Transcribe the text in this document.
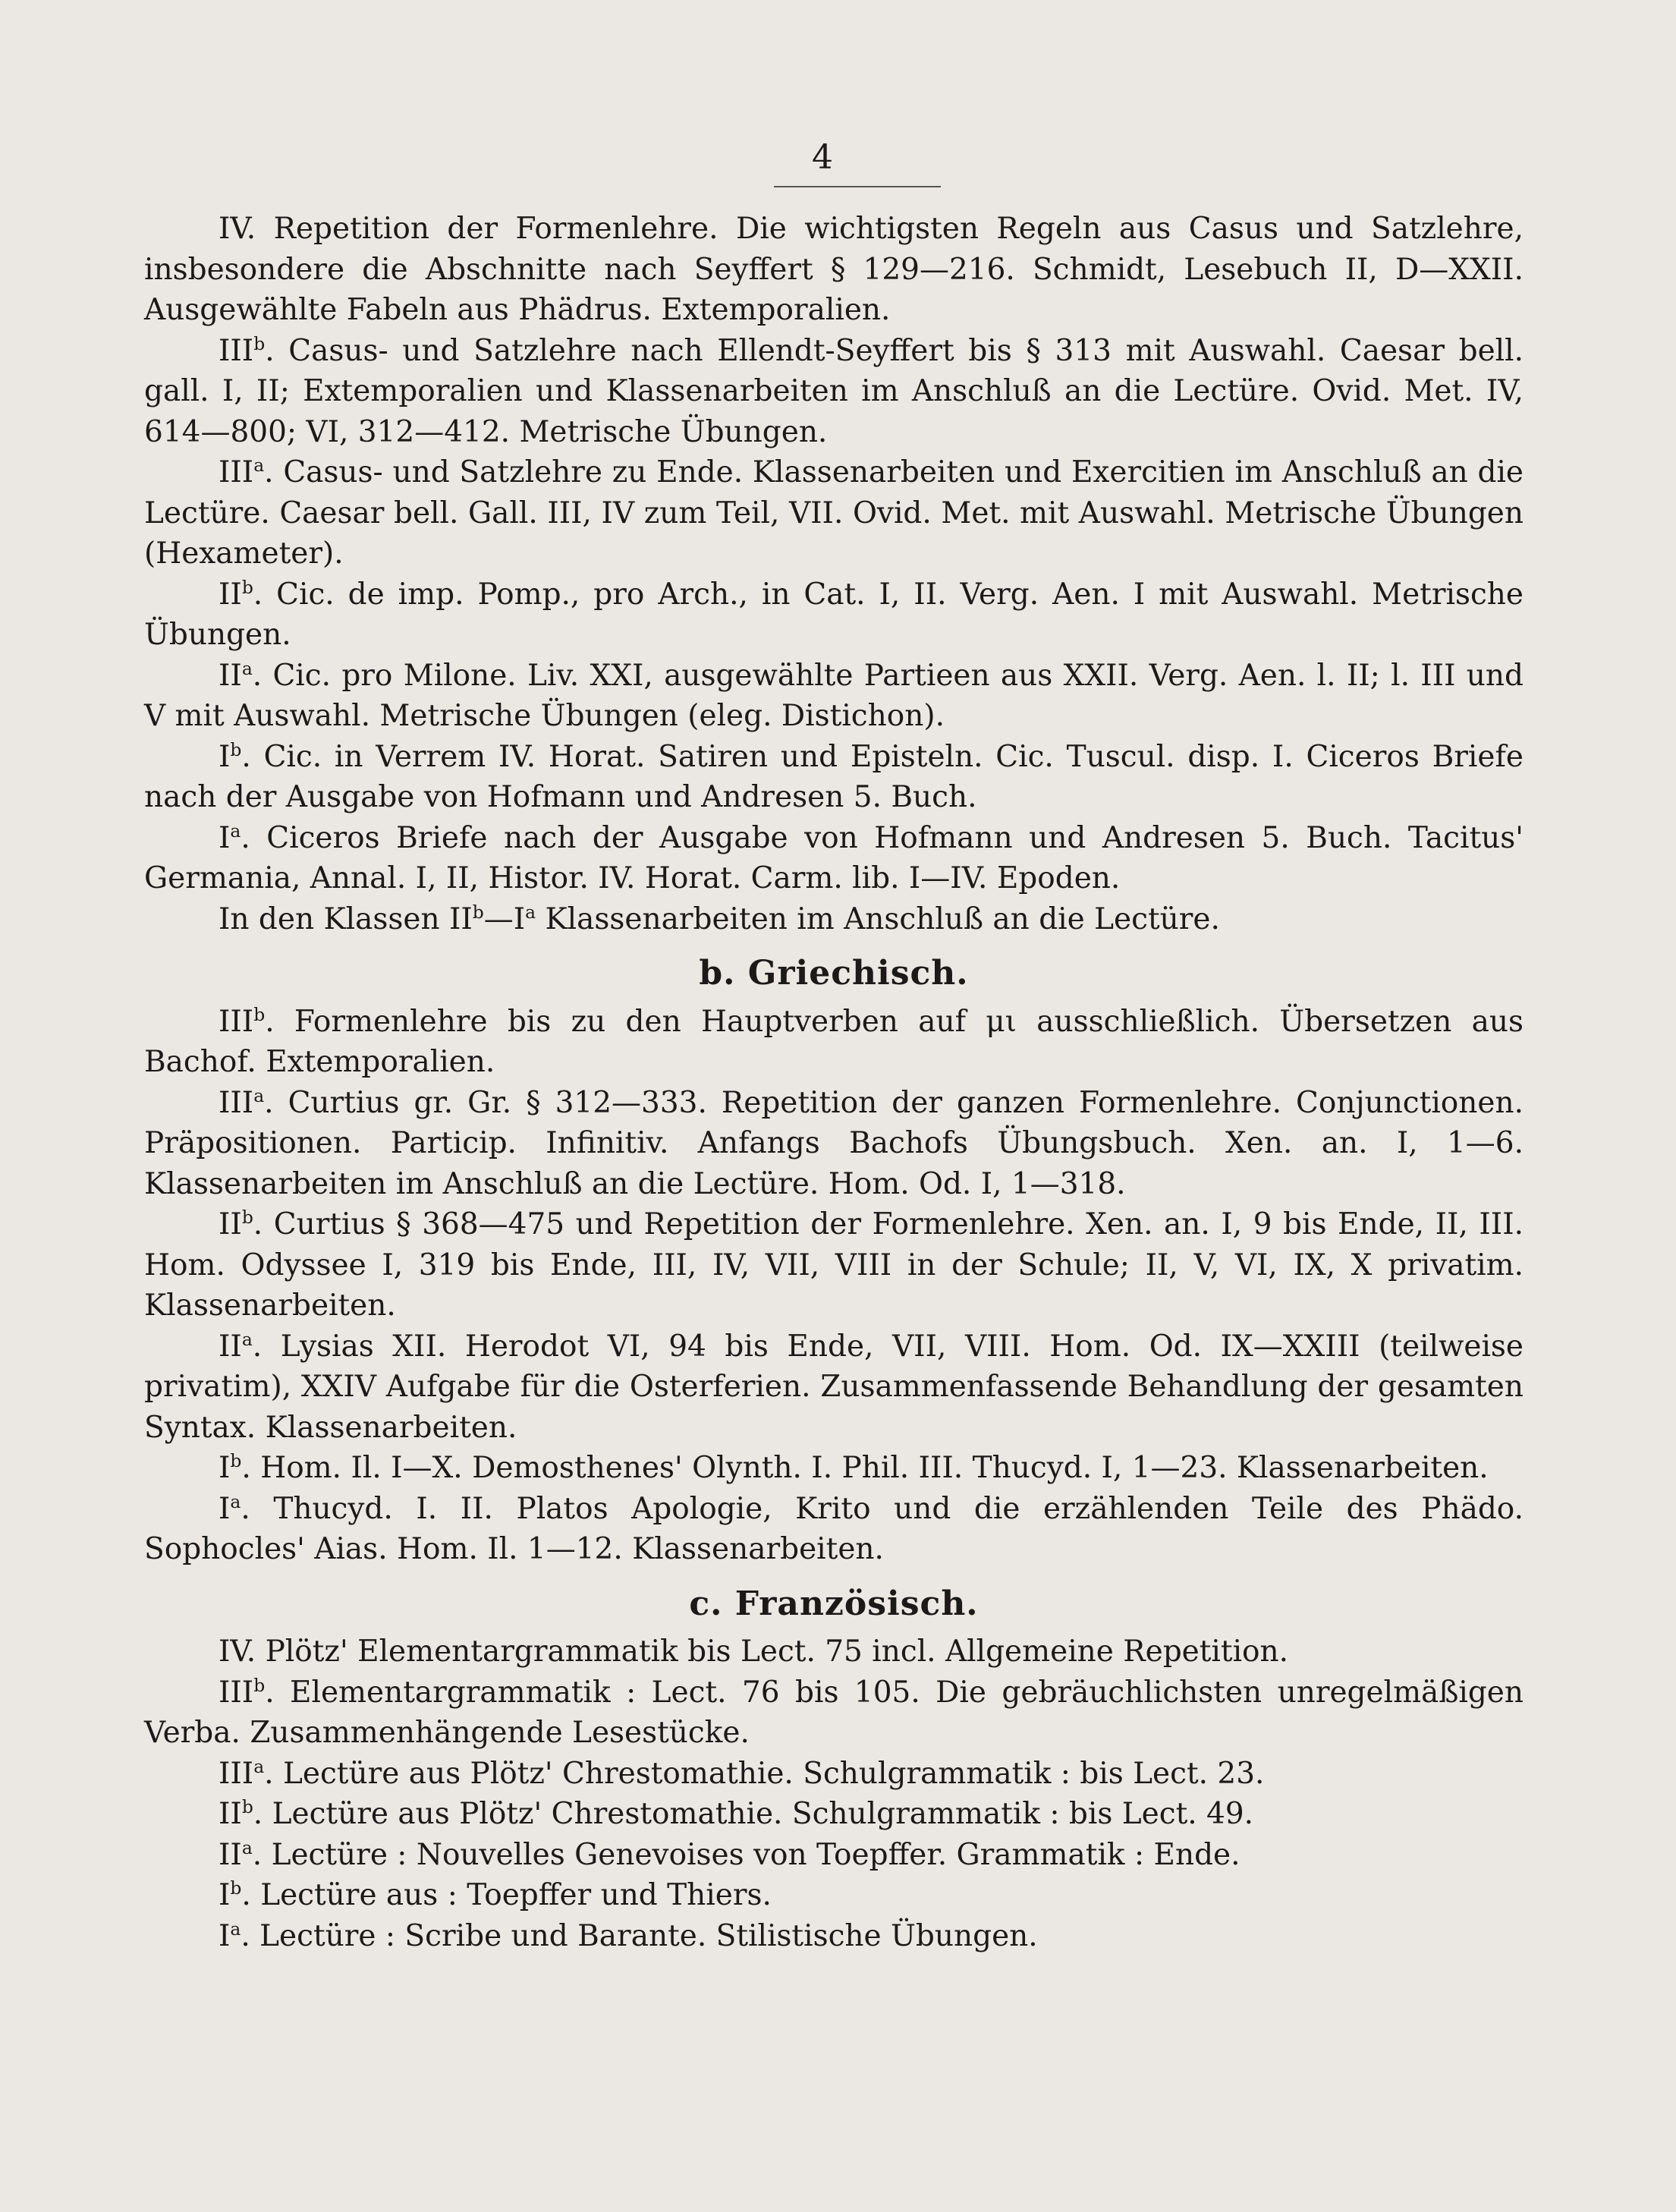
4

IV. Repetition der Formenlehre. Die wichtigsten Regeln aus Casus und Satzlehre, insbesondere die Abschnitte nach Seyffert § 129—216. Schmidt, Lesebuch II, D—XXII. Ausgewählte Fabeln aus Phädrus. Extemporalien.

III$^b$. Casus- und Satzlehre nach Ellendt-Seyffert bis § 313 mit Auswahl. Caesar bell. gall. I, II; Extemporalien und Klassenarbeiten im Anschluß an die Lectüre. Ovid. Met. IV, 614—800; VI, 312—412. Metrische Übungen.

III$^a$. Casus- und Satzlehre zu Ende. Klassenarbeiten und Exercitien im Anschluß an die Lectüre. Caesar bell. Gall. III, IV zum Teil, VII. Ovid. Met. mit Auswahl. Metrische Übungen (Hexameter).

$II^b$. Cic. de imp. Pomp., pro Arch., in Cat. I, II. Verg. Aen. I mit Auswahl. Metrische Übungen.

$II^a$. Cic. pro Milone. Liv. XXI, ausgewählte Partieen aus XXII. Verg. Aen. l. II; l. III und V mit Auswahl. Metrische Übungen (eleg. Distichon).

$I^b$. Cic. in Verrem IV. Horat. Satiren und Episteln. Cic. Tuscul. disp. I. Ciceros Briefe nach der Ausgabe von Hofmann und Andresen 5. Buch.

$I^a$. Ciceros Briefe nach der Ausgabe von Hofmann und Andresen 5. Buch. Tacitus' Germania, Annal. I, II, Histor. IV. Horat. Carm. lib. I—IV. Epoden.

In den Klassen $II^b—I^a$ Klassenarbeiten im Anschluß an die Lectüre.

b. Griechisch.

III$^b$. Formenlehre bis zu den Hauptverben auf μι ausschließlich. Übersetzen aus Bachof. Extemporalien.

III$^a$. Curtius gr. Gr. § 312—333. Repetition der ganzen Formenlehre. Conjunctionen. Präpositionen. Particip. Infinitiv. Anfangs Bachofs Übungsbuch. Xen. an. I, 1—6. Klassenarbeiten im Anschluß an die Lectüre. Hom. Od. I, 1—318.

$II^b$. Curtius § 368—475 und Repetition der Formenlehre. Xen. an. I, 9 bis Ende, II, III. Hom. Odyssee I, 319 bis Ende, III, IV, VII, VIII in der Schule; II, V, VI, IX, X privatim. Klassenarbeiten.

$II^a$. Lysias XII. Herodot VI, 94 bis Ende, VII, VIII. Hom. Od. IX—XXIII (teilweise privatim), XXIV Aufgabe für die Osterferien. Zusammenfassende Behandlung der gesamten Syntax. Klassenarbeiten.

$I^b$. Hom. Il. I—X. Demosthenes' Olynth. I. Phil. III. Thucyd. I, 1—23. Klassenarbeiten.

$I^a$. Thucyd. I. II. Platos Apologie, Krito und die erzählenden Teile des Phädo. Sophocles' Aias. Hom. Il. 1—12. Klassenarbeiten.

c. Französisch.

IV. Plötz' Elementargrammatik bis Lect. 75 incl. Allgemeine Repetition.

III$^b$. Elementargrammatik : Lect. 76 bis 105. Die gebräuchlichsten unregelmäßigen Verba. Zusammenhängende Lesestücke.

III$^a$. Lectüre aus Plötz' Chrestomathie. Schulgrammatik : bis Lect. 23.

$II^b$. Lectüre aus Plötz' Chrestomathie. Schulgrammatik : bis Lect. 49.

$II^a$. Lectüre : Nouvelles Genevoises von Toepffer. Grammatik : Ende.

$I^b$. Lectüre aus : Toepffer und Thiers.

$I^a$. Lectüre : Scribe und Barante. Stilistische Übungen.
